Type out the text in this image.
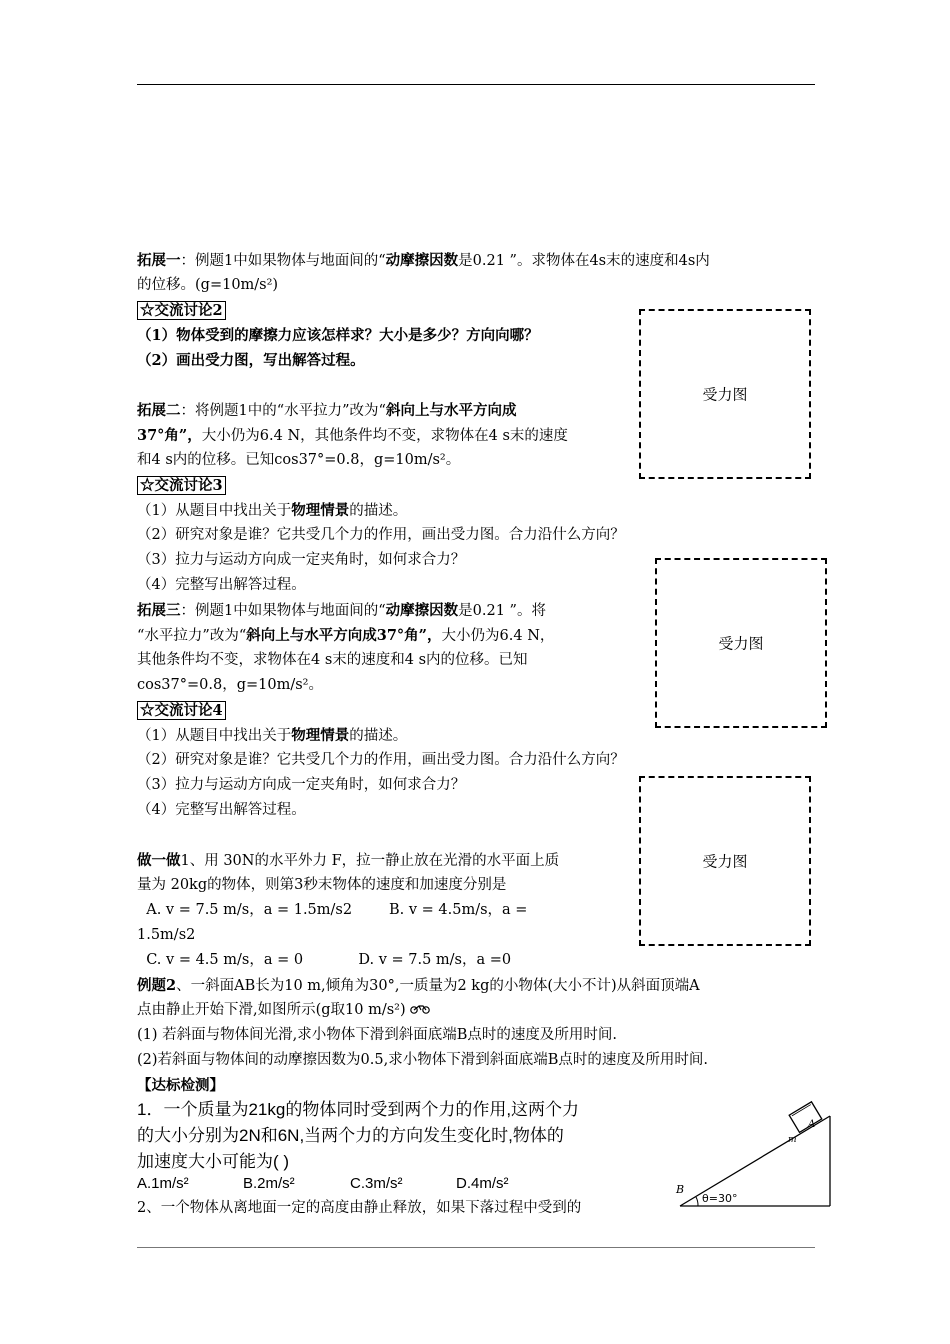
拓展一：例题1中如果物体与地面间的“动摩擦因数是0.21 ”。求物体在4s末的速度和4s内
的位移。(g=10m/s²)
☆交流讨论2
（1）物体受到的摩擦力应该怎样求？大小是多少？方向向哪？
（2）画出受力图，写出解答过程。
拓展二：将例题1中的“水平拉力”改为“斜向上与水平方向成
37°角”，大小仍为6.4 N，其他条件均不变，求物体在4 s末的速度
和4 s内的位移。已知cos37°=0.8，g=10m/s²。
☆交流讨论3
（1）从题目中找出关于物理情景的描述。
（2）研究对象是谁？它共受几个力的作用，画出受力图。合力沿什么方向？
（3）拉力与运动方向成一定夹角时，如何求合力？
（4）完整写出解答过程。
拓展三：例题1中如果物体与地面间的“动摩擦因数是0.21 ”。将
“水平拉力”改为“斜向上与水平方向成37°角”，大小仍为6.4 N，
其他条件均不变，求物体在4 s末的速度和4 s内的位移。已知
cos37°=0.8，g=10m/s²。
☆交流讨论4
（1）从题目中找出关于物理情景的描述。
（2）研究对象是谁？它共受几个力的作用，画出受力图。合力沿什么方向？
（3）拉力与运动方向成一定夹角时，如何求合力？
（4）完整写出解答过程。
做一做1、用 30N的水平外力 F，拉一静止放在光滑的水平面上质
量为 20kg的物体，则第3秒末物体的速度和加速度分别是
A. v = 7.5 m/s，a = 1.5m/s2        B. v = 4.5m/s，a =
1.5m/s2
C. v = 4.5 m/s，a = 0            D. v = 7.5 m/s，a =0
例题2、一斜面AB长为10 m,倾角为30°,一质量为2 kg的小物体(大小不计)从斜面顶端A
点由静止开始下滑,如图所示(g取10 m/s²)
(1) 若斜面与物体间光滑,求小物体下滑到斜面底端B点时的速度及所用时间.
(2)若斜面与物体间的动摩擦因数为0.5,求小物体下滑到斜面底端B点时的速度及所用时间.
【达标检测】
1．一个质量为21kg的物体同时受到两个力的作用,这两个力
的大小分别为2N和6N,当两个力的方向发生变化时,物体的
加速度大小可能为( )
A.1m/s²	B.2m/s²	C.3m/s²	D.4m/s²
2、一个物体从离地面一定的高度由静止释放，如果下落过程中受到的
受力图
受力图
受力图
A
m
B
θ=30°
